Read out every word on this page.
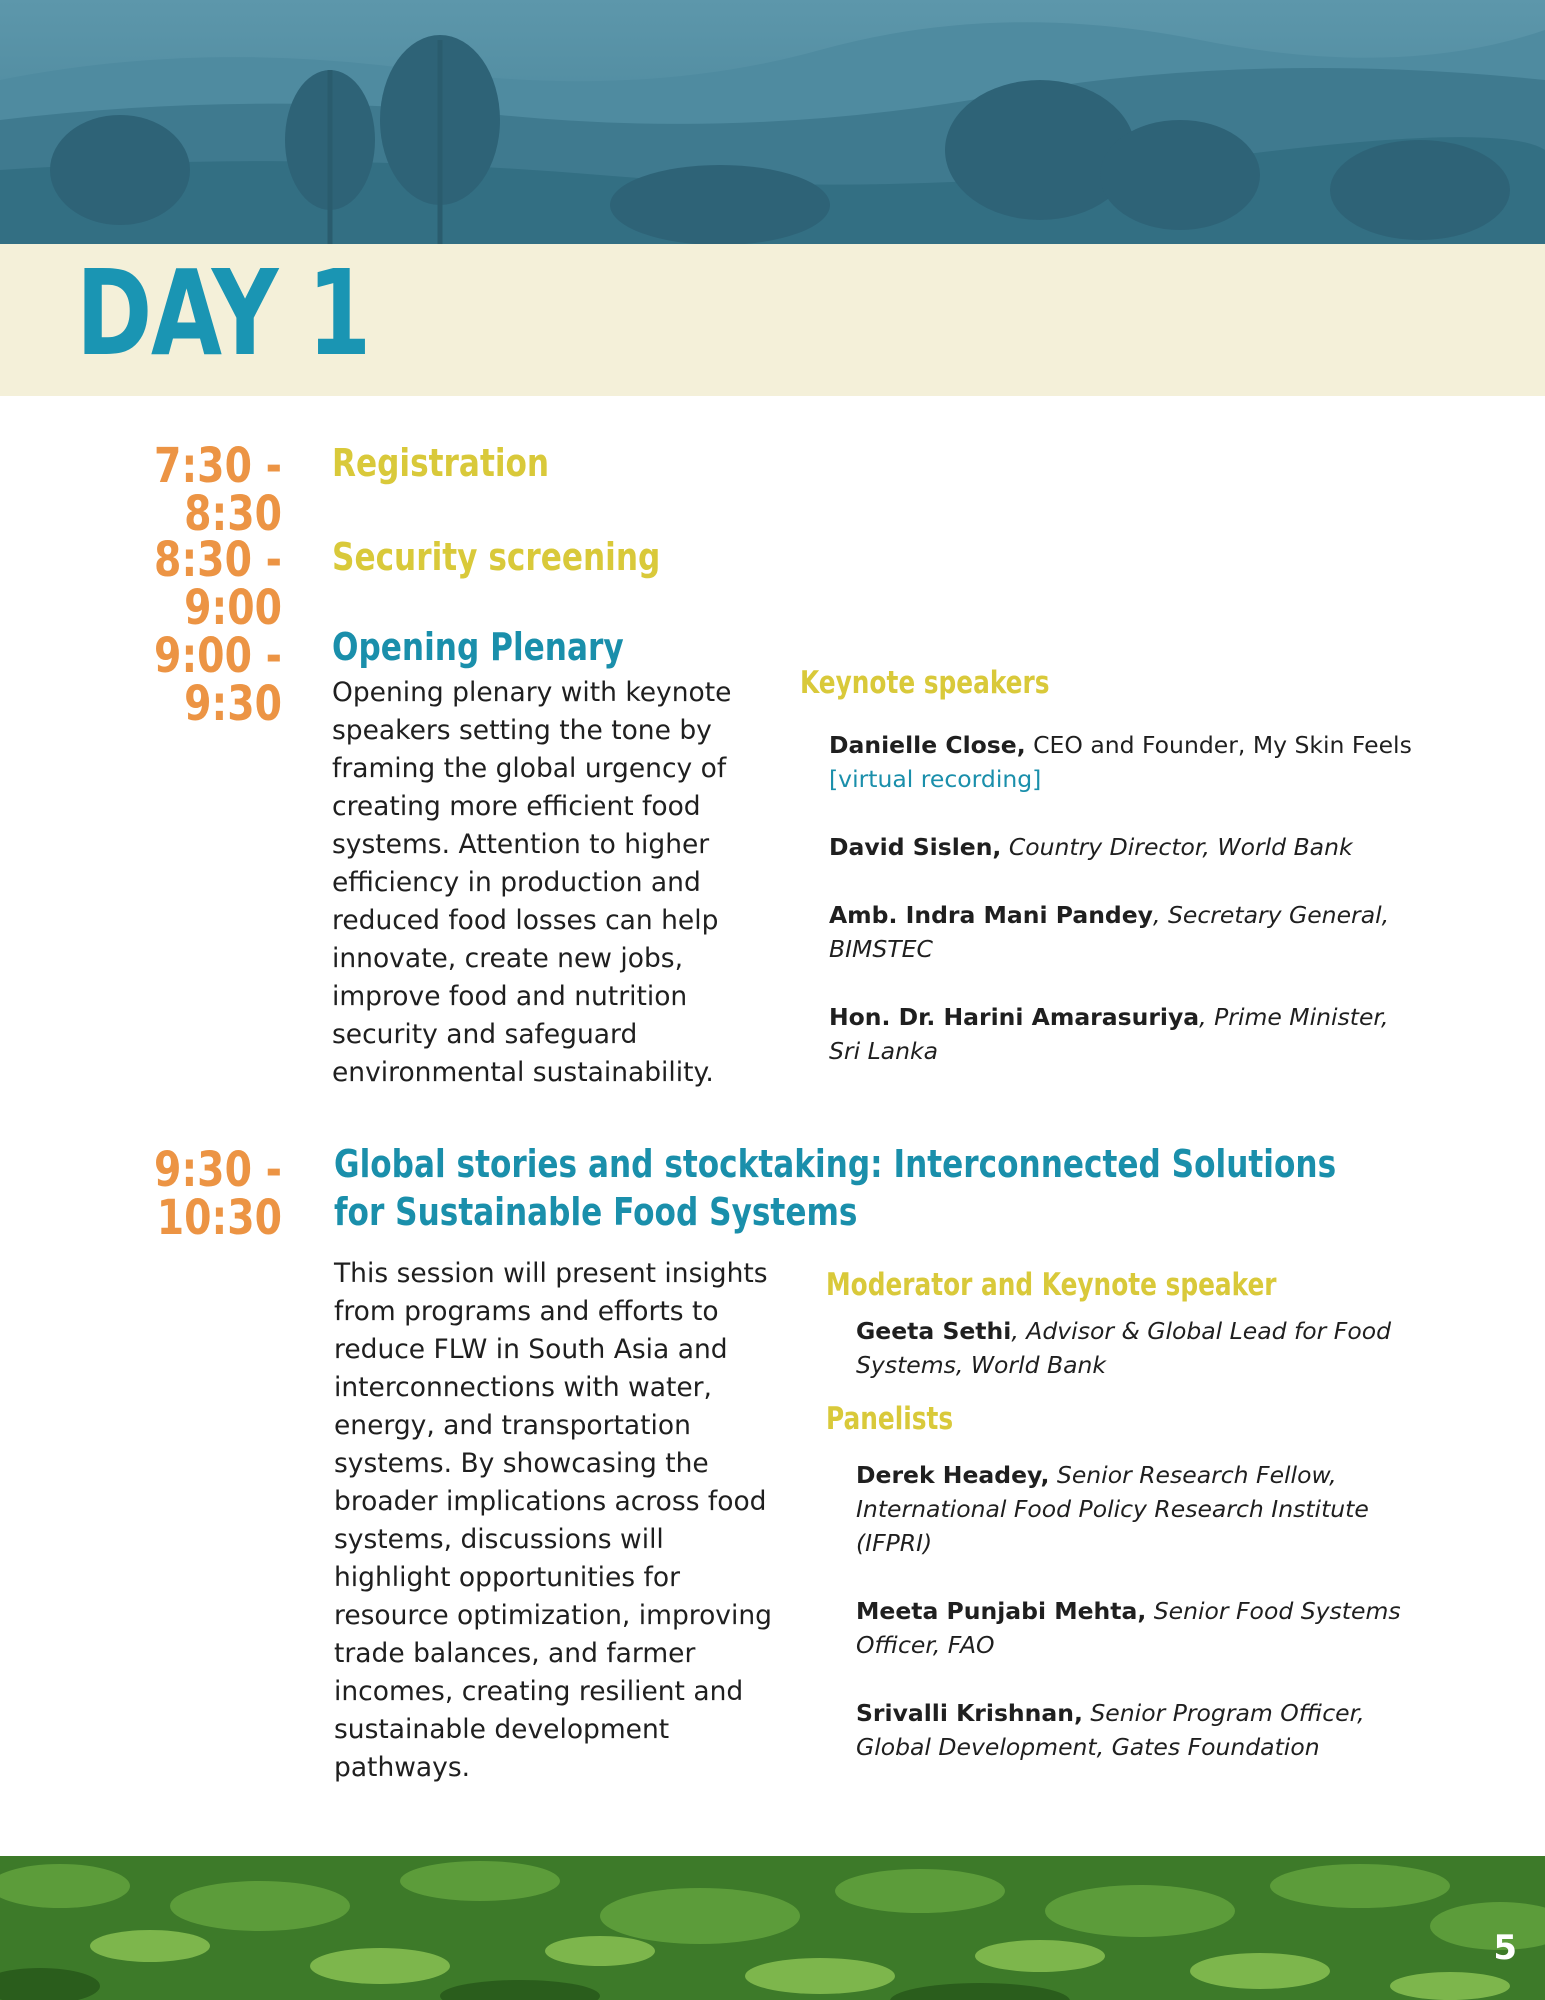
DAY 1
7:30 - 8:30
Registration
8:30 - 9:00
Security screening
9:00 - 9:30
Opening Plenary
Opening plenary with keynote speakers setting the tone by framing the global urgency of creating more efficient food systems. Attention to higher efficiency in production and reduced food losses can help innovate, create new jobs, improve food and nutrition security and safeguard environmental sustainability.
Keynote speakers
Danielle Close, CEO and Founder, My Skin Feels
[virtual recording]
David Sislen, Country Director, World Bank
Amb. Indra Mani Pandey, Secretary General, BIMSTEC
Hon. Dr. Harini Amarasuriya, Prime Minister, Sri Lanka
9:30 - 10:30
Global stories and stocktaking: Interconnected Solutions for Sustainable Food Systems
This session will present insights from programs and efforts to reduce FLW in South Asia and interconnections with water, energy, and transportation systems. By showcasing the broader implications across food systems, discussions will highlight opportunities for resource optimization, improving trade balances, and farmer incomes, creating resilient and sustainable development pathways.
Moderator and Keynote speaker
Geeta Sethi, Advisor & Global Lead for Food Systems, World Bank
Panelists
Derek Headey, Senior Research Fellow, International Food Policy Research Institute (IFPRI)
Meeta Punjabi Mehta, Senior Food Systems Officer, FAO
Srivalli Krishnan, Senior Program Officer, Global Development, Gates Foundation
5
